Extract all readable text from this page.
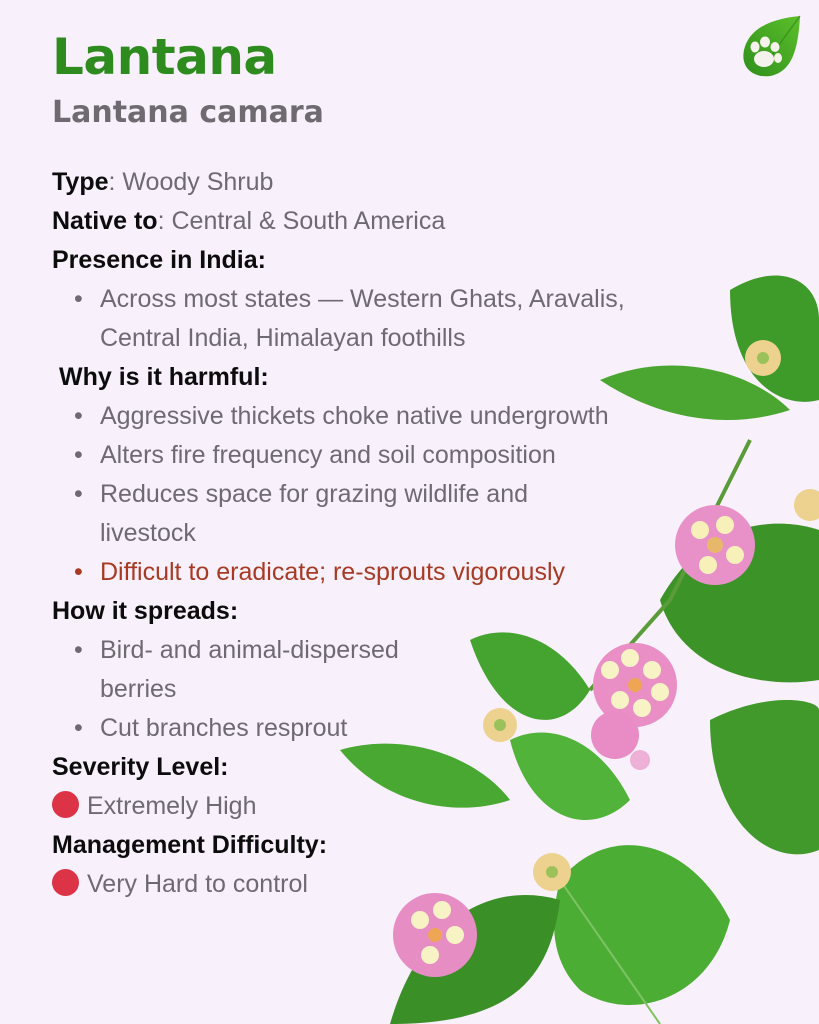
Lantana
Lantana camara
Type: Woody Shrub
Native to: Central & South America
Presence in India:
• Across most states — Western Ghats, Aravalis, Central India, Himalayan foothills
Why is it harmful:
• Aggressive thickets choke native undergrowth
• Alters fire frequency and soil composition
• Reduces space for grazing wildlife and livestock
• Difficult to eradicate; re-sprouts vigorously
How it spreads:
• Bird- and animal-dispersed berries
• Cut branches resprout
Severity Level:
Extremely High
Management Difficulty:
Very Hard to control
